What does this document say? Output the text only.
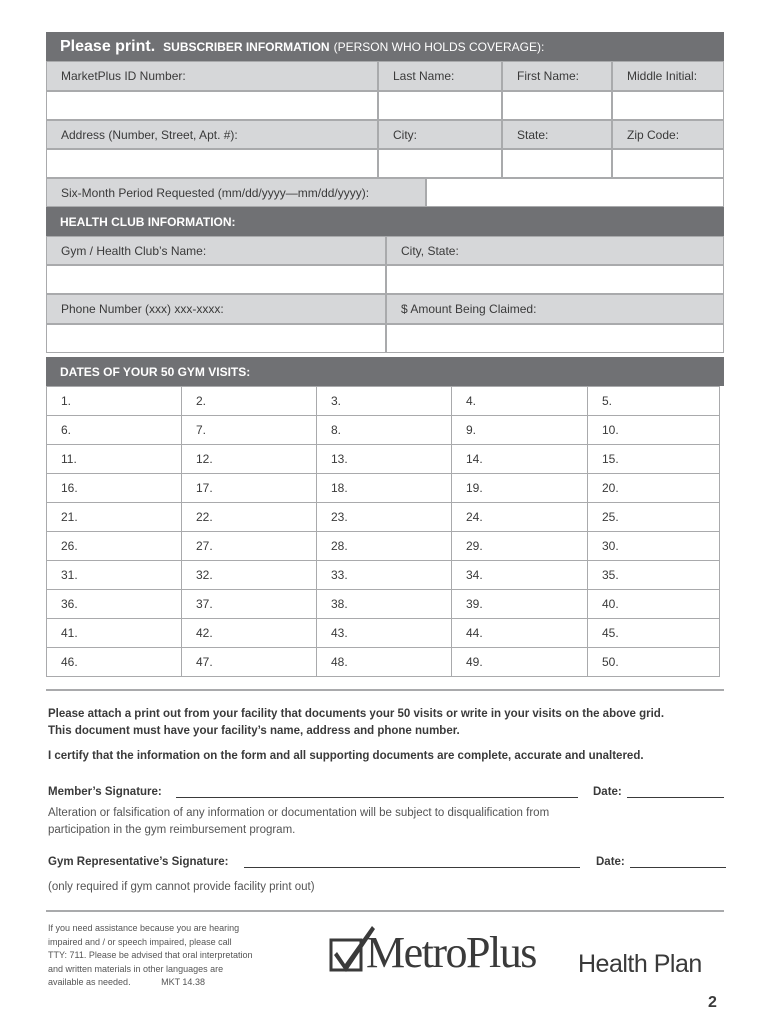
Please print. SUBSCRIBER INFORMATION (PERSON WHO HOLDS COVERAGE):
MarketPlus ID Number:	Last Name:	First Name:	Middle Initial:
Address (Number, Street, Apt. #):	City:	State:	Zip Code:
Six-Month Period Requested (mm/dd/yyyy—mm/dd/yyyy):
HEALTH CLUB INFORMATION:
Gym / Health Club’s Name:	City, State:
Phone Number (xxx) xxx-xxxx:	$ Amount Being Claimed:
DATES OF YOUR 50 GYM VISITS:
1.	2.	3.	4.	5.
6.	7.	8.	9.	10.
11.	12.	13.	14.	15.
16.	17.	18.	19.	20.
21.	22.	23.	24.	25.
26.	27.	28.	29.	30.
31.	32.	33.	34.	35.
36.	37.	38.	39.	40.
41.	42.	43.	44.	45.
46.	47.	48.	49.	50.
Please attach a print out from your facility that documents your 50 visits or write in your visits on the above grid.
This document must have your facility’s name, address and phone number.
I certify that the information on the form and all supporting documents are complete, accurate and unaltered.
Member’s Signature:	Date:
Alteration or falsification of any information or documentation will be subject to disqualification from
participation in the gym reimbursement program.
Gym Representative’s Signature:	Date:
(only required if gym cannot provide facility print out)
If you need assistance because you are hearing
impaired and / or speech impaired, please call
TTY: 711. Please be advised that oral interpretation
and written materials in other languages are
available as needed.	MKT 14.38
MetroPlus Health Plan
2
